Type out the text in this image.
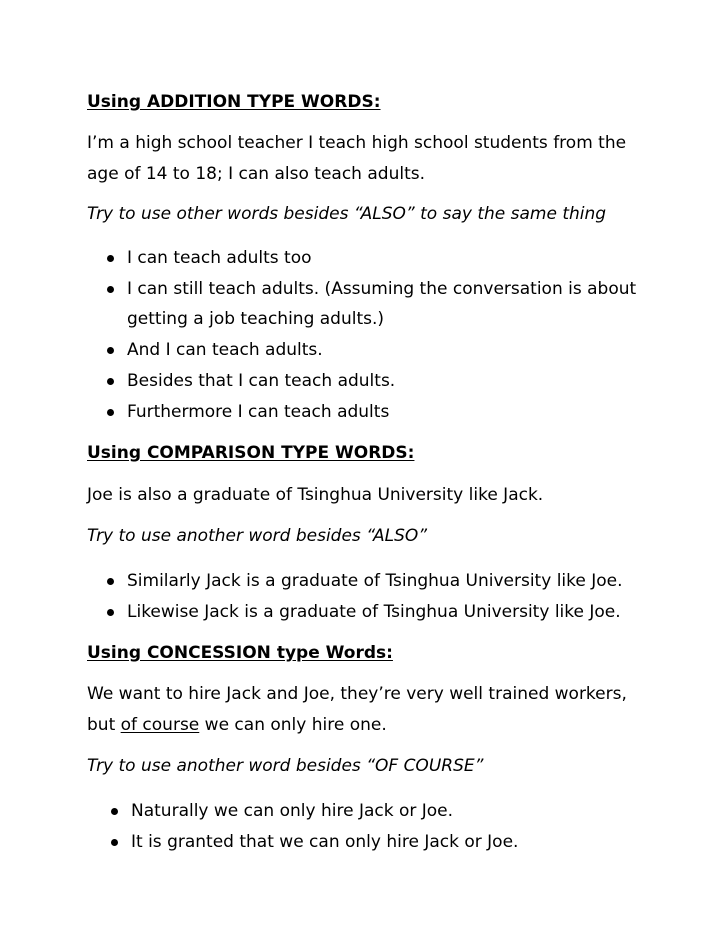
Using ADDITION TYPE WORDS:
I’m a high school teacher I teach high school students from the
age of 14 to 18; I can also teach adults.
Try to use other words besides “ALSO” to say the same thing
I can teach adults too
I can still teach adults. (Assuming the conversation is about
getting a job teaching adults.)
And I can teach adults.
Besides that I can teach adults.
Furthermore I can teach adults
Using COMPARISON TYPE WORDS:
Joe is also a graduate of Tsinghua University like Jack.
Try to use another word besides “ALSO”
Similarly Jack is a graduate of Tsinghua University like Joe.
Likewise Jack is a graduate of Tsinghua University like Joe.
Using CONCESSION type Words:
We want to hire Jack and Joe, they’re very well trained workers,
but of course we can only hire one.
Try to use another word besides “OF COURSE”
Naturally we can only hire Jack or Joe.
It is granted that we can only hire Jack or Joe.
